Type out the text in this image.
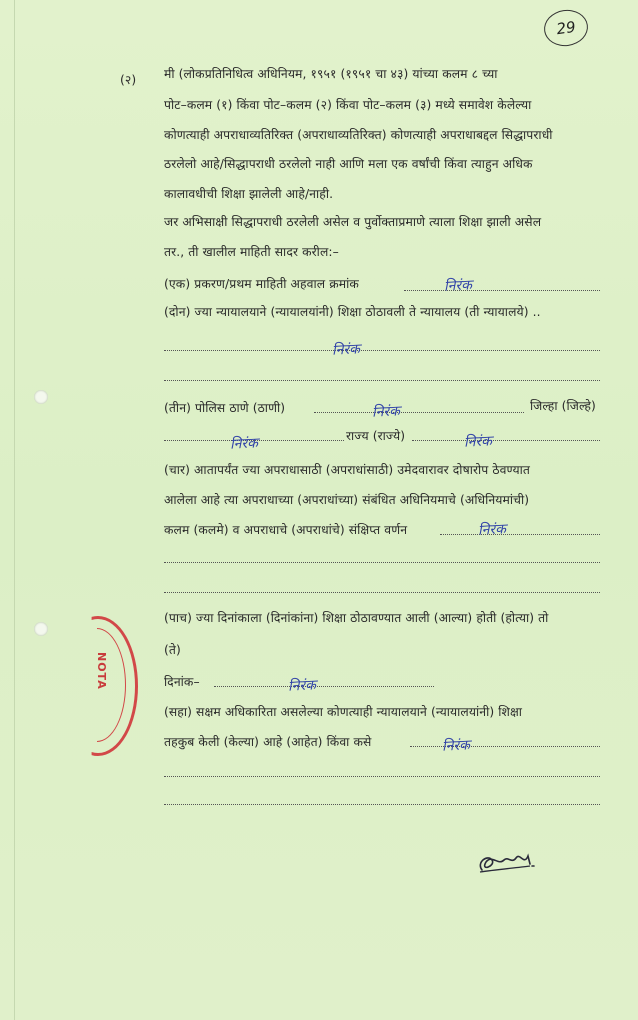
29
(२) मी (लोकप्रतिनिधित्व अधिनियम, १९५१ (१९५१ चा ४३) यांच्या कलम ८ च्या
पोट–कलम (१) किंवा पोट–कलम (२) किंवा पोट–कलम (३) मध्ये समावेश केलेल्या
कोणत्याही अपराधाव्यतिरिक्त (अपराधाव्यतिरिक्त) कोणत्याही अपराधाबद्दल सिद्धापराधी
ठरलेलो आहे/सिद्धापराधी ठरलेलो नाही आणि मला एक वर्षांची किंवा त्याहुन अधिक
कालावधीची शिक्षा झालेली आहे/नाही.
जर अभिसाक्षी सिद्धापराधी ठरलेली असेल व पुर्वोक्ताप्रमाणे त्याला शिक्षा झाली असेल
तर., ती खालील माहिती सादर करील:–
(एक) प्रकरण/प्रथम माहिती अहवाल क्रमांक	निरंक
(दोन) ज्या न्यायालयाने (न्यायालयांनी) शिक्षा ठोठावली ते न्यायालय (ती न्यायालये) ..
निरंक
(तीन) पोलिस ठाणे (ठाणी)	निरंक	जिल्हा (जिल्हे)
निरंक	राज्य (राज्ये)	निरंक
(चार) आतापर्यंत ज्या अपराधासाठी (अपराधांसाठी) उमेदवारावर दोषारोप ठेवण्यात
आलेला आहे त्या अपराधाच्या (अपराधांच्या) संबंधित अधिनियमाचे (अधिनियमांची)
कलम (कलमे) व अपराधाचे (अपराधांचे) संक्षिप्त वर्णन	निरंक
(पाच) ज्या दिनांकाला (दिनांकांना) शिक्षा ठोठावण्यात आली (आल्या) होती (होत्या) तो
(ते)
दिनांक–	निरंक
(सहा) सक्षम अधिकारिता असलेल्या कोणत्याही न्यायालयाने (न्यायालयांनी) शिक्षा
तहकुब केली (केल्या) आहे (आहेत) किंवा कसे	निरंक
NOTA
